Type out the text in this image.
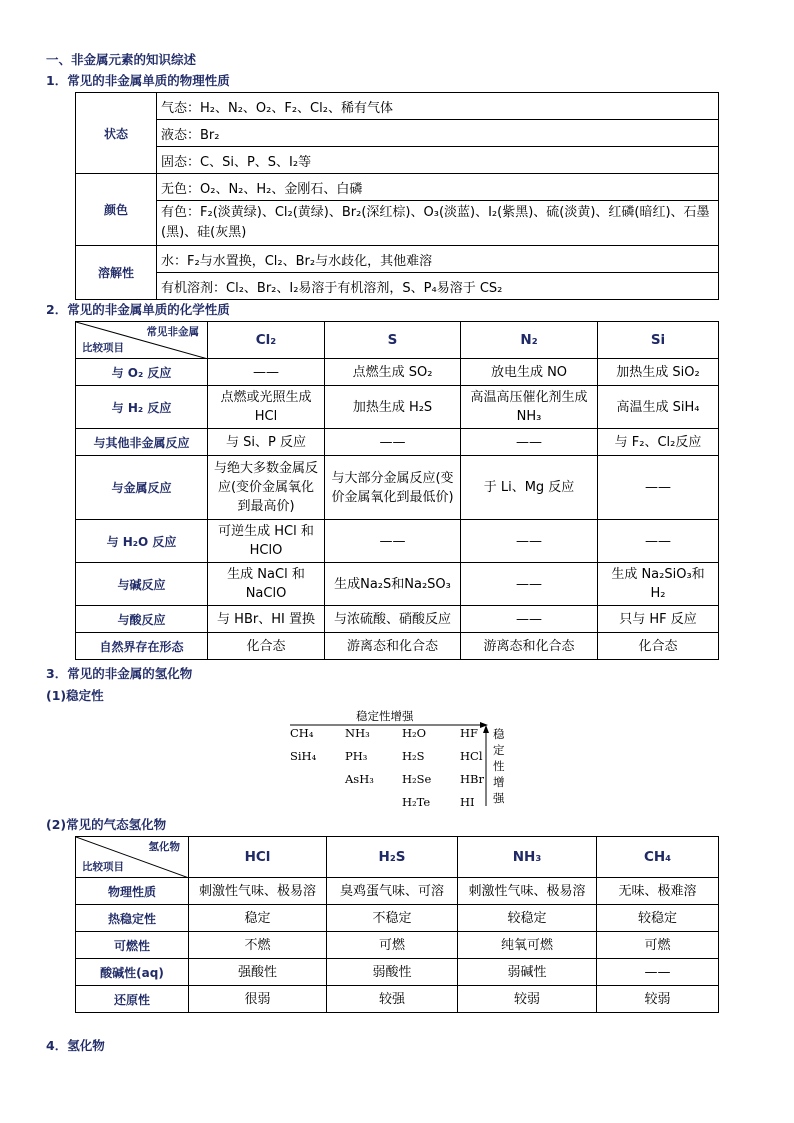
一、非金属元素的知识综述
1．常见的非金属单质的物理性质
状态	气态：H₂、N₂、O₂、F₂、Cl₂、稀有气体
	液态：Br₂
	固态：C、Si、P、S、I₂等
颜色	无色：O₂、N₂、H₂、金刚石、白磷
	有色：F₂(淡黄绿)、Cl₂(黄绿)、Br₂(深红棕)、O₃(淡蓝)、I₂(紫黑)、硫(淡黄)、红磷(暗红)、石墨(黑)、硅(灰黑)
溶解性	水：F₂与水置换，Cl₂、Br₂与水歧化，其他难溶
	有机溶剂：Cl₂、Br₂、I₂易溶于有机溶剂，S、P₄易溶于 CS₂
2．常见的非金属单质的化学性质
常见非金属
比较项目	Cl₂	S	N₂	Si
与 O₂ 反应	——	点燃生成 SO₂	放电生成 NO	加热生成 SiO₂
与 H₂ 反应	点燃或光照生成 HCl	加热生成 H₂S	高温高压催化剂生成 NH₃	高温生成 SiH₄
与其他非金属反应	与 Si、P 反应	——	——	与 F₂、Cl₂反应
与金属反应	与绝大多数金属反应(变价金属氧化到最高价)	与大部分金属反应(变价金属氧化到最低价)	于 Li、Mg 反应	——
与 H₂O 反应	可逆生成 HCl 和 HClO	——	——	——
与碱反应	生成 NaCl 和 NaClO	生成Na₂S和Na₂SO₃	——	生成 Na₂SiO₃和 H₂
与酸反应	与 HBr、HI 置换	与浓硫酸、硝酸反应	——	只与 HF 反应
自然界存在形态	化合态	游离态和化合态	游离态和化合态	化合态
3．常见的非金属的氢化物
(1)稳定性
稳定性增强
CH₄
SiH₄
NH₃
PH₃
AsH₃
H₂O
H₂S
H₂Se
H₂Te
HF
HCl
HBr
HI
稳
定
性
增
强
(2)常见的气态氢化物
氢化物
比较项目	HCl	H₂S	NH₃	CH₄
物理性质	刺激性气味、极易溶	臭鸡蛋气味、可溶	刺激性气味、极易溶	无味、极难溶
热稳定性	稳定	不稳定	较稳定	较稳定
可燃性	不燃	可燃	纯氧可燃	可燃
酸碱性(aq)	强酸性	弱酸性	弱碱性	——
还原性	很弱	较强	较弱	较弱
4．氢化物
